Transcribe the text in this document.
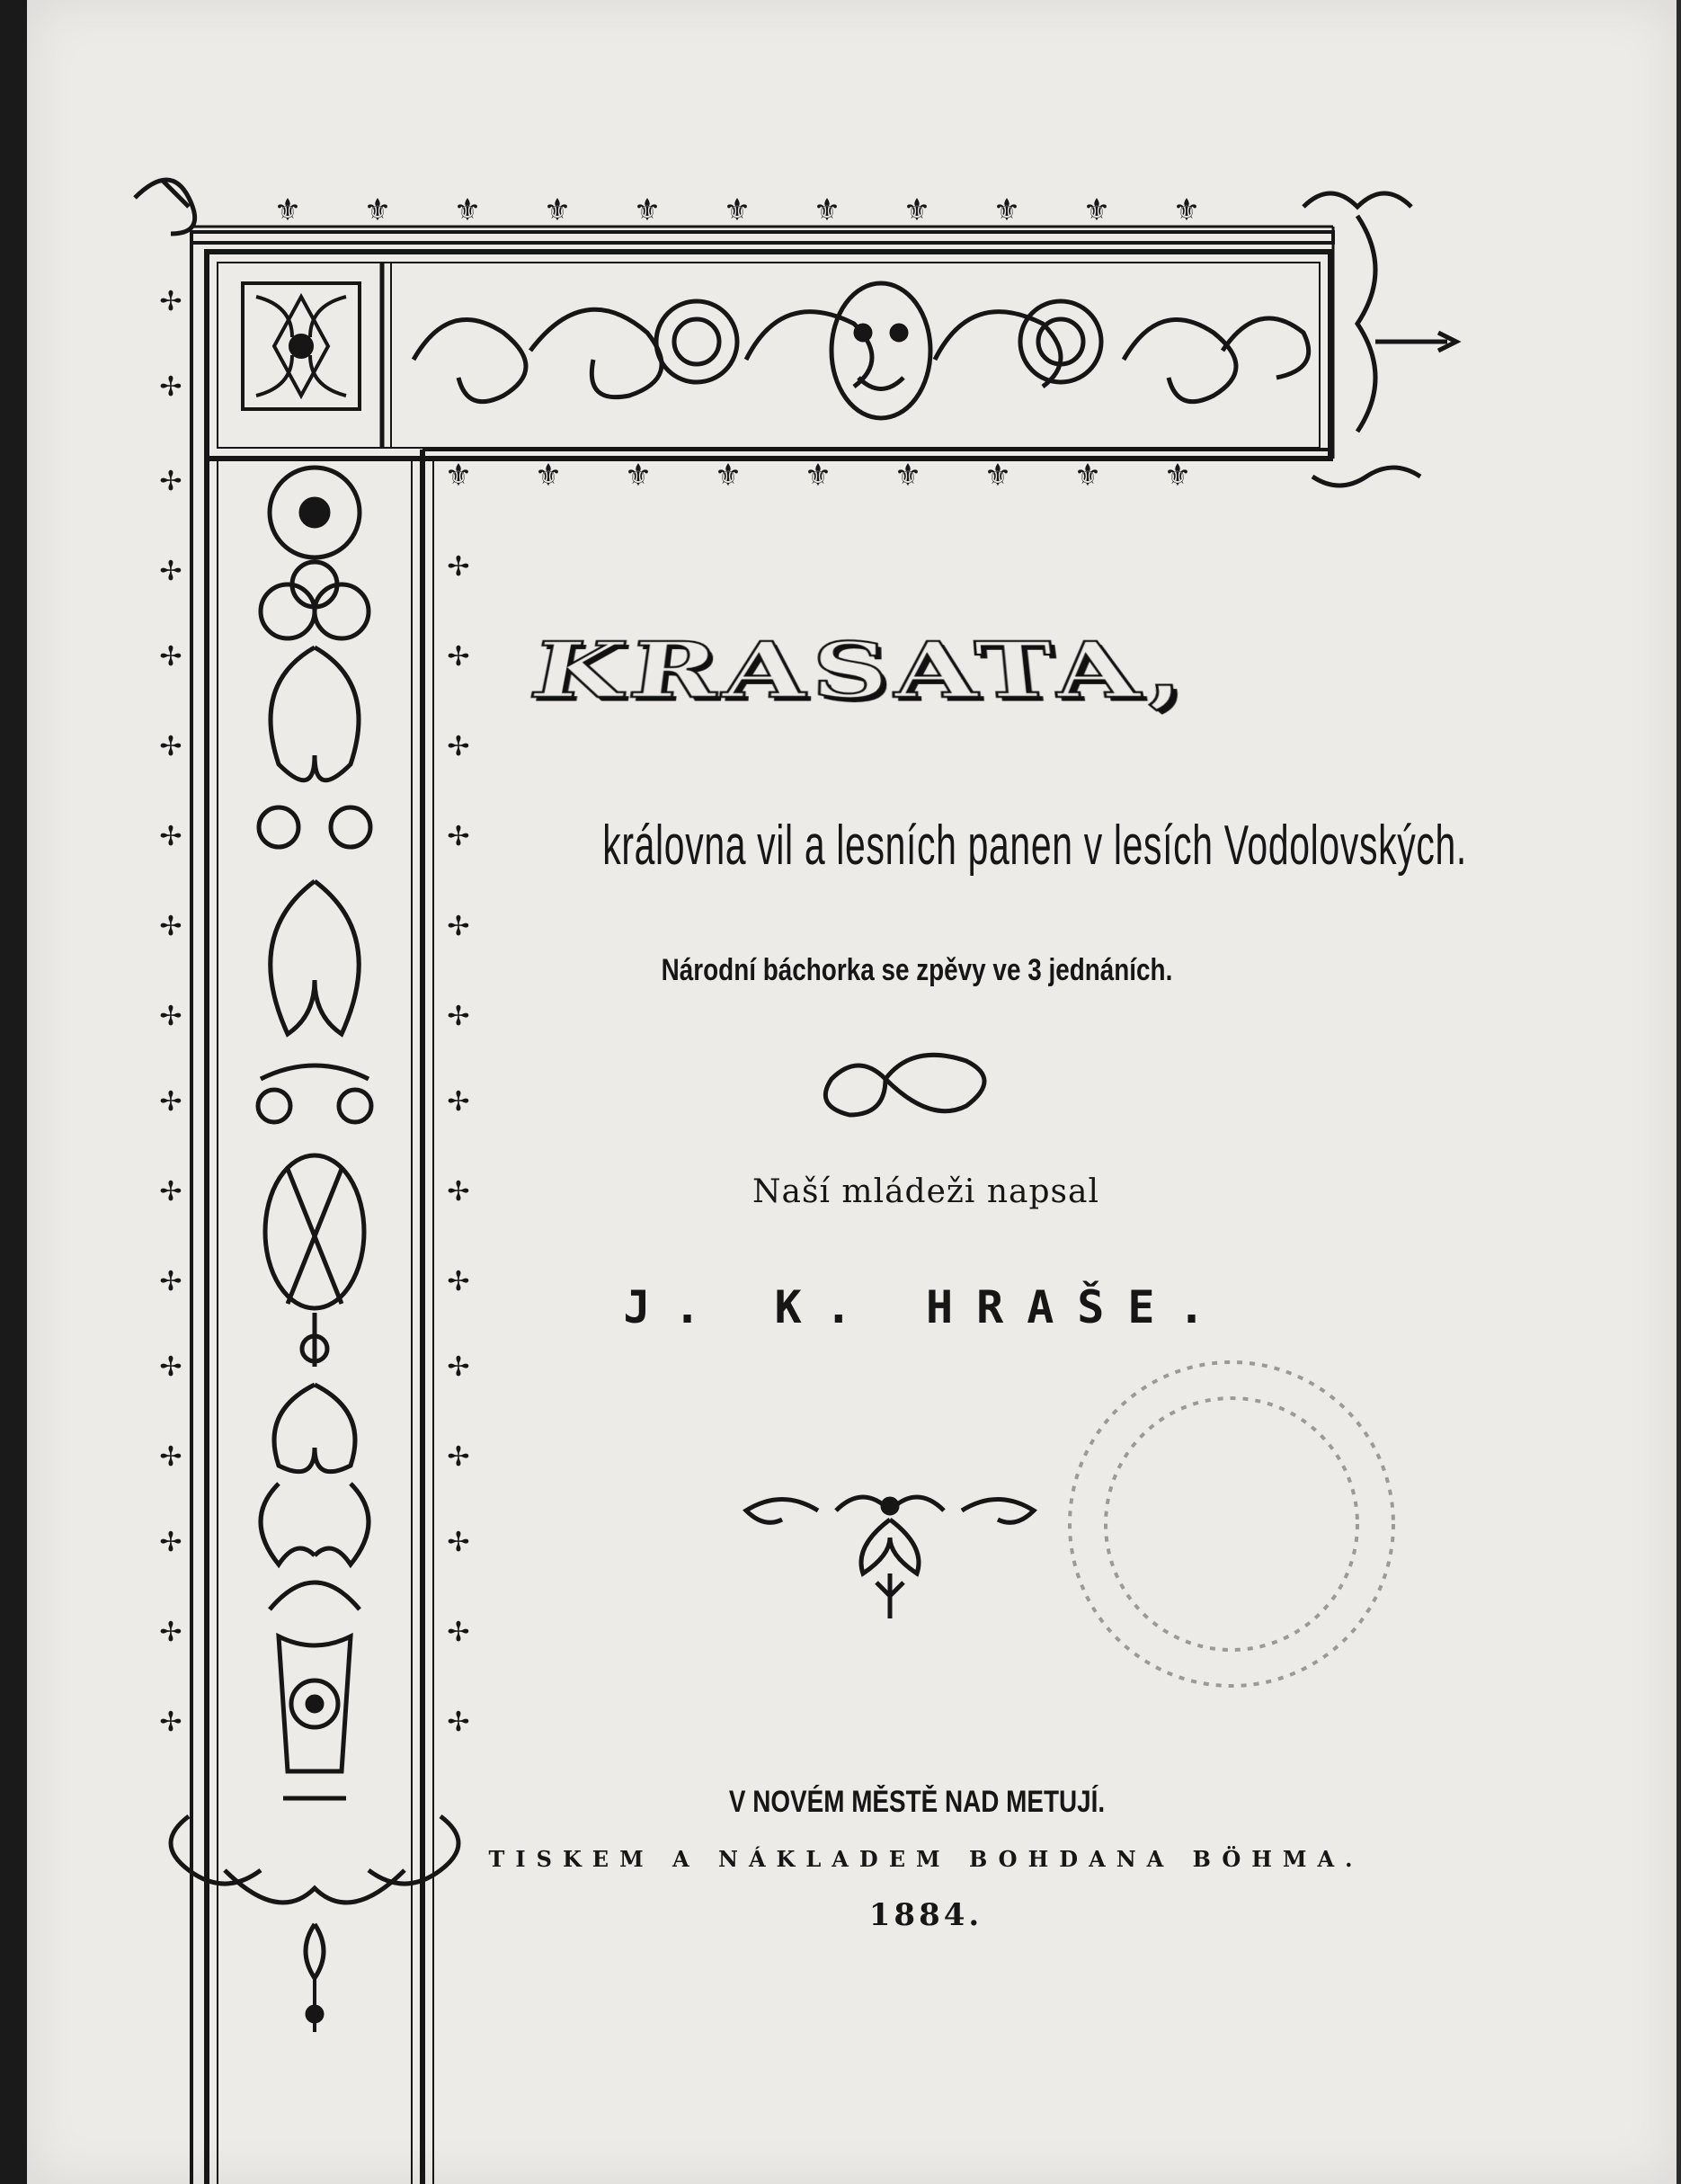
⚜ ⚜ ⚜ ⚜ ⚜ ⚜ ⚜ ⚜ ⚜ ⚜ ⚜
⚜ ⚜ ⚜ ⚜ ⚜ ⚜ ⚜ ⚜ ⚜
✢
✢
✢
✢
✢
✢
✢
✢
✢
✢
✢
✢
✢
✢
✢
✢
✢
✢
✢
✢
✢
✢
✢
✢
✢
✢
✢
✢
✢
✢
✢
KRASATA,
královna vil a lesních panen v lesích Vodolovských.
Národní báchorka se zpěvy ve 3 jednáních.
Naší mládeži napsal
J. K. HRAŠE.
V NOVÉM MĚSTĚ NAD METUJÍ.
TISKEM A NÁKLADEM BOHDANA BÖHMA.
1884.
